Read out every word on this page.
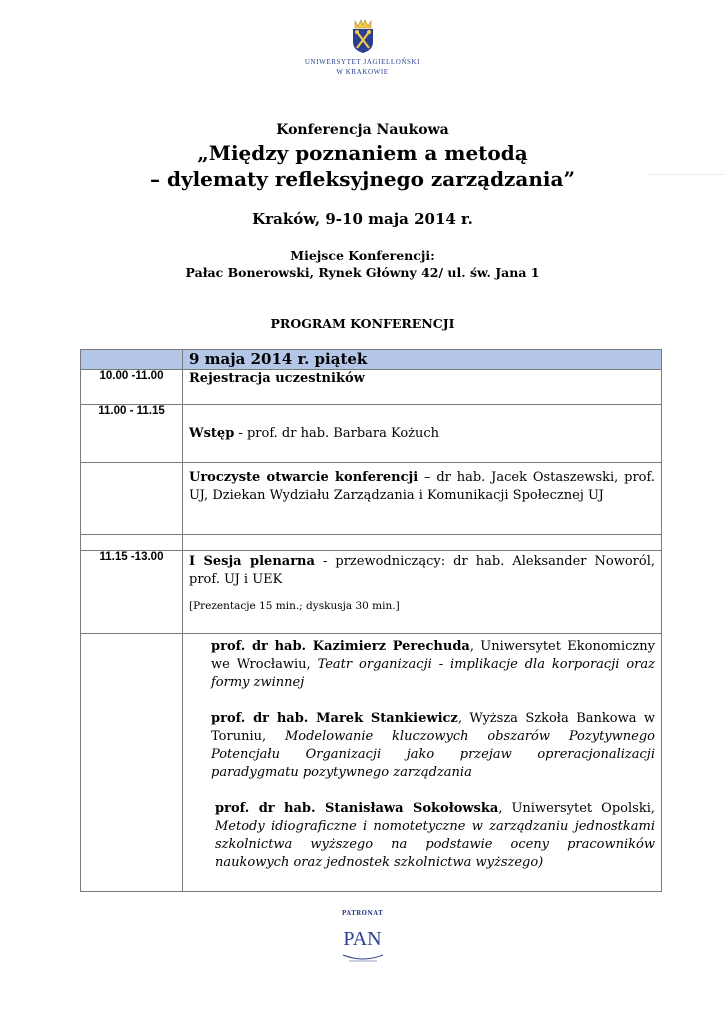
UNIWERSYTET JAGIELLOŃSKI
W KRAKOWIE
Konferencja Naukowa
„Między poznaniem a metodą
– dylematy refleksyjnego zarządzania”
Kraków, 9-10 maja 2014 r.
Miejsce Konferencji:
Pałac Bonerowski, Rynek Główny 42/ ul. św. Jana 1
PROGRAM KONFERENCJI

	9 maja 2014 r. piątek

10.00 -11.00	Rejestracja uczestników

11.00 - 11.15	Wstęp - prof. dr hab. Barbara Kożuch

	Uroczyste otwarcie konferencji – dr hab. Jacek Ostaszewski, prof. UJ, Dziekan Wydziału Zarządzania i Komunikacji Społecznej UJ

11.15 -13.00	I Sesja plenarna - przewodniczący: dr hab. Aleksander Noworól, prof. UJ i UEK
[Prezentacje 15 min.; dyskusja 30 min.]

	prof. dr hab. Kazimierz Perechuda, Uniwersytet Ekonomiczny we Wrocławiu, Teatr organizacji - implikacje dla korporacji oraz formy zwinnej
prof. dr hab. Marek Stankiewicz, Wyższa Szkoła Bankowa w Toruniu, Modelowanie kluczowych obszarów Pozytywnego Potencjału Organizacji jako przejaw opreracjonalizacji paradygmatu pozytywnego zarządzania
prof. dr hab. Stanisława Sokołowska, Uniwersytet Opolski, Metody idiograficzne i nomotetyczne w zarządzaniu jednostkami szkolnictwa wyższego na podstawie oceny pracowników naukowych oraz jednostek szkolnictwa wyższego)
PATRONAT
PAN
